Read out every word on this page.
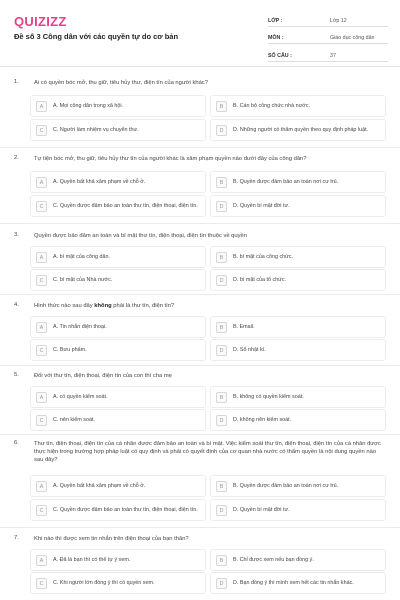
QUIZIZZ
Đề số 3 Công dân với các quyền tự do cơ bản
LỚP :	Lớp 12
MÔN :	Giáo dục công dân
SỐ CÂU :	37
1.	Ai có quyền bóc mở, thu giữ, tiêu hủy thư, điện tín của người khác?
A	A. Mọi công dân trong xã hội.	B	B. Cán bộ công chức nhà nước.
C	C. Người làm nhiệm vụ chuyển thư.	D	D. Những người có thẩm quyền theo quy định pháp luật.
2.	Tự tiện bóc mở, thu giữ, tiêu hủy thư tín của người khác là xâm phạm quyền nào dưới đây của công dân?
A	A. Quyền bất khả xâm phạm về chỗ ở.	B	B. Quyền được đảm bảo an toàn nơi cư trú.
C	C. Quyền được đảm bảo an toàn thư tín, điện thoại, điện tín.	D	D. Quyền bí mật đời tư.
3.	Quyền được bảo đảm an toàn và bí mật thư tín, điện thoại, điện tín thuộc về quyền
A	A. bí mật của công dân.	B	B. bí mật của công chức.
C	C. bí mật của Nhà nước.	D	D. bí mật của tổ chức.
4.	Hình thức nào sau đây không phải là thư tín, điện tín?
A	A. Tin nhắn điện thoại.	B	B. Email.
C	C. Bưu phẩm.	D	D. Sổ nhật kí.
5.	Đối với thư tín, điện thoại, điện tín của con thì cha mẹ
A	A. có quyền kiểm soát.	B	B. không có quyền kiểm soát.
C	C. nên kiểm soát.	D	D. không nên kiểm soát.
6.	Thư tín, điện thoại, điện tín của cá nhân được đảm bảo an toàn và bí mật. Việc kiểm soát thư tín, điện thoại, điện tín của cá nhân được thực hiện trong trường hợp pháp luật có quy định và phải có quyết định của cơ quan nhà nước có thẩm quyền là nội dung quyền nào sau đây?
A	A. Quyền bất khả xâm phạm về chỗ ở.	B	B. Quyền được đảm bảo an toàn nơi cư trú.
C	C. Quyền được đảm bảo an toàn thư tín, điện thoại, điện tín.	D	D. Quyền bí mật đời tư.
7.	Khi nào thì được xem tin nhắn trên điện thoại của bạn thân?
A	A. Đã là bạn thì có thể tự ý xem.	B	B. Chỉ được xem nếu bạn đồng ý.
C	C. Khi người lớn đồng ý thì có quyền xem.	D	D. Bạn đồng ý thì mình xem hết các tin nhắn khác.
